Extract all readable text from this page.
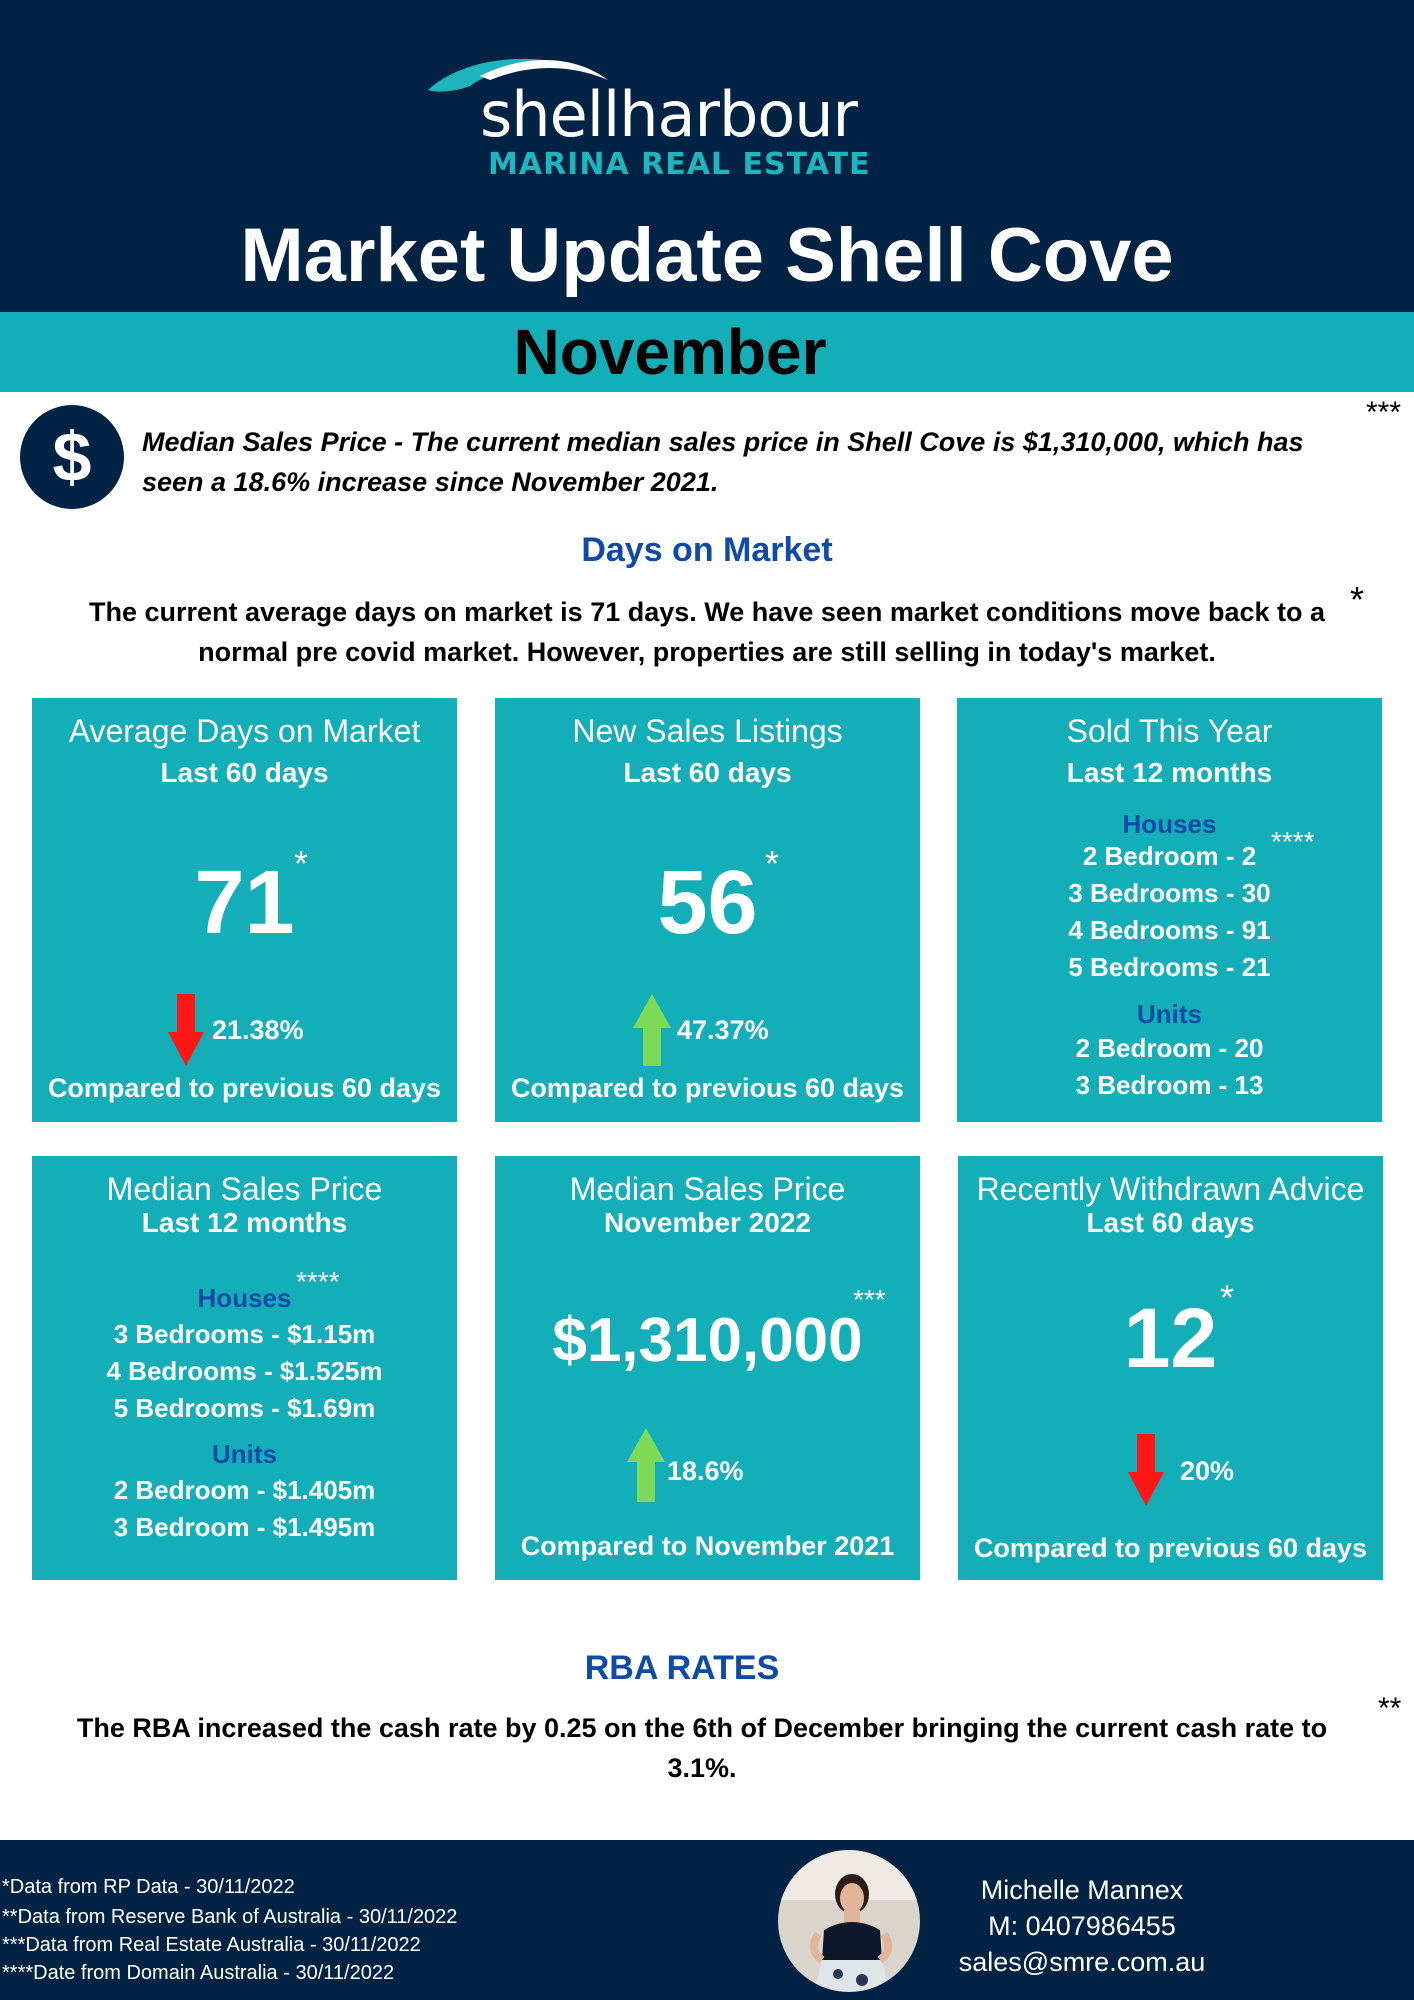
shellharbour
MARINA REAL ESTATE
Market Update Shell Cove
November
$	Median Sales Price - The current median sales price in Shell Cove is $1,310,000, which has seen a 18.6% increase since November 2021.
***
Days on Market
The current average days on market is 71 days. We have seen market conditions move back to a normal pre covid market. However, properties are still selling in today's market.
*
Average Days on Market
Last 60 days
71 *
21.38%
Compared to previous 60 days
New Sales Listings
Last 60 days
56 *
47.37%
Compared to previous 60 days
Sold This Year
Last 12 months
Houses
****
2 Bedroom - 2
3 Bedrooms - 30
4 Bedrooms - 91
5 Bedrooms - 21
Units
2 Bedroom - 20
3 Bedroom - 13
Median Sales Price
Last 12 months
****
Houses
3 Bedrooms - $1.15m
4 Bedrooms - $1.525m
5 Bedrooms - $1.69m
Units
2 Bedroom - $1.405m
3 Bedroom - $1.495m
Median Sales Price
November 2022
***
$1,310,000
18.6%
Compared to November 2021
Recently Withdrawn Advice
Last 60 days
12 *
20%
Compared to previous 60 days
RBA RATES
The RBA increased the cash rate by 0.25 on the 6th of December bringing the current cash rate to 3.1%.
**
*Data from RP Data - 30/11/2022
**Data from Reserve Bank of Australia - 30/11/2022
***Data from Real Estate Australia - 30/11/2022
****Date from Domain Australia - 30/11/2022
Michelle Mannex
M: 0407986455
sales@smre.com.au
